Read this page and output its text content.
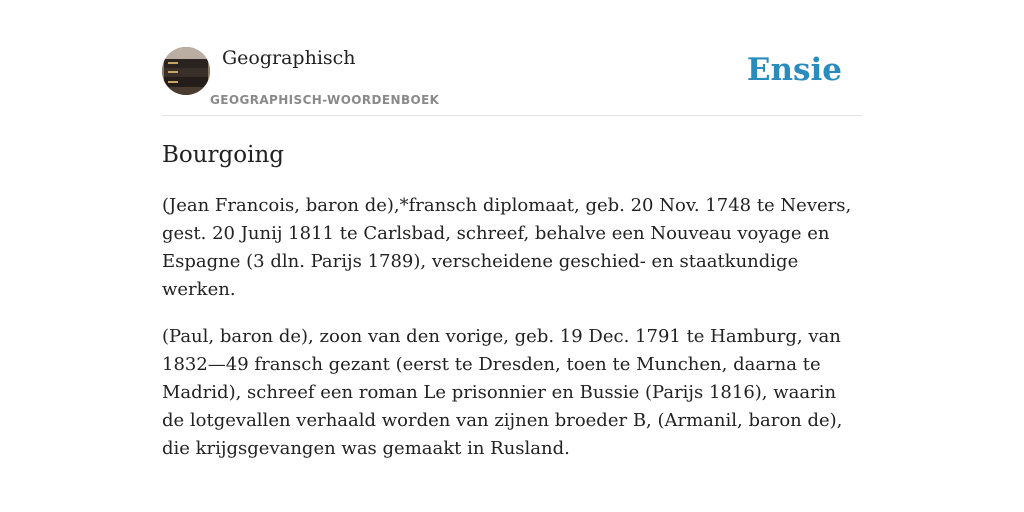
Geographisch
GEOGRAPHISCH-WOORDENBOEK
Ensie
Bourgoing

(Jean Francois, baron de),*fransch diplomaat, geb. 20 Nov. 1748 te Nevers, gest. 20 Junij 1811 te Carlsbad, schreef, behalve een Nouveau voyage en Espagne (3 dln. Parijs 1789), verscheidene geschied- en staatkundige werken.

(Paul, baron de), zoon van den vorige, geb. 19 Dec. 1791 te Hamburg, van 1832—49 fransch gezant (eerst te Dresden, toen te Munchen, daarna te Madrid), schreef een roman Le prisonnier en Bussie (Parijs 1816), waarin de lotgevallen verhaald worden van zijnen broeder B, (Armanil, baron de), die krijgsgevangen was gemaakt in Rusland.
